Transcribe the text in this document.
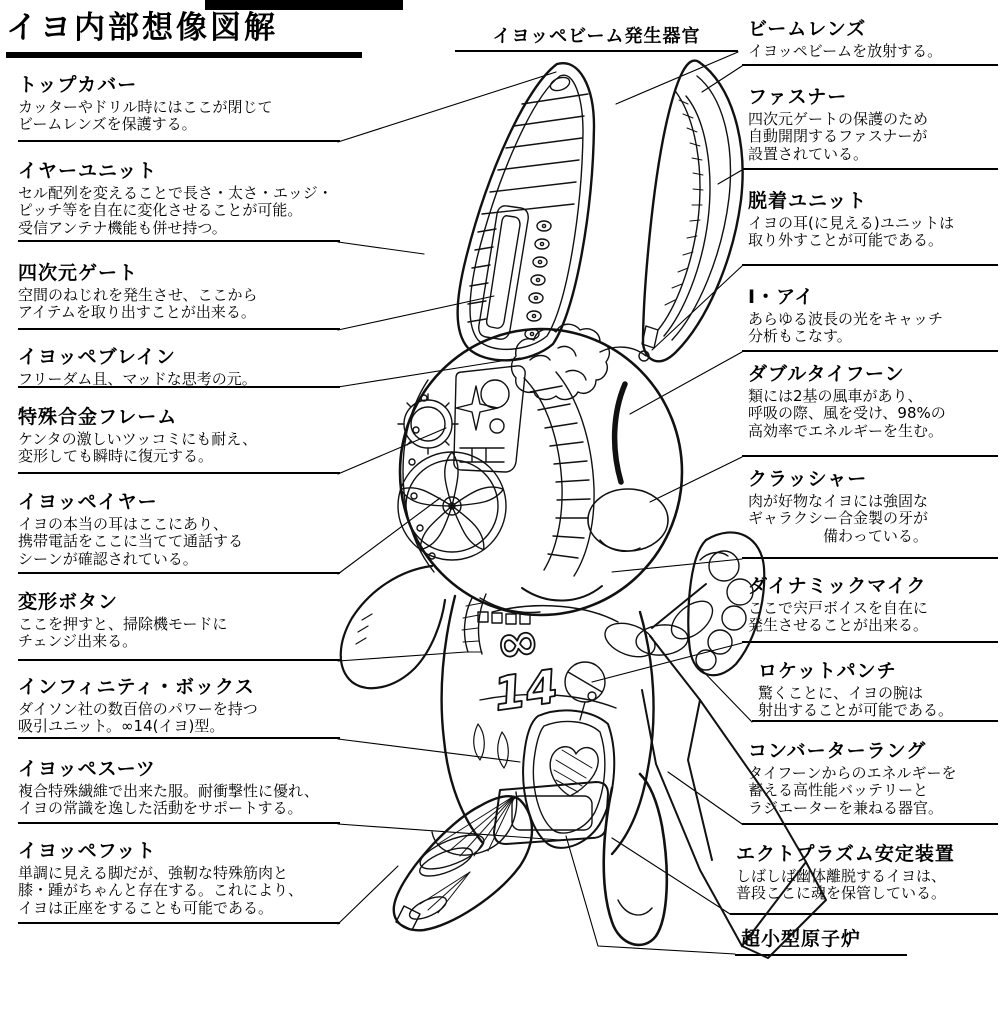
イヨ内部想像図解	イヨッペビーム発生器官
トップカバー

カッターやドリル時にはここが閉じて
ビームレンズを保護する。

イヤーユニット

セル配列を変えることで長さ・太さ・エッジ・
ピッチ等を自在に変化させることが可能。
受信アンテナ機能も併せ持つ。

四次元ゲート

空間のねじれを発生させ、ここから
アイテムを取り出すことが出来る。

イヨッペブレイン

フリーダム且、マッドな思考の元。

特殊合金フレーム

ケンタの激しいツッコミにも耐え、
変形しても瞬時に復元する。

イヨッペイヤー

イヨの本当の耳はここにあり、
携帯電話をここに当てて通話する
シーンが確認されている。

変形ボタン

ここを押すと、掃除機モードに
チェンジ出来る。

インフィニティ・ボックス

ダイソン社の数百倍のパワーを持つ
吸引ユニット。∞14(イヨ)型。

イヨッペスーツ

複合特殊繊維で出来た服。耐衝撃性に優れ、
イヨの常識を逸した活動をサポートする。

イヨッペフット

単調に見える脚だが、強靭な特殊筋肉と
膝・踵がちゃんと存在する。これにより、
イヨは正座をすることも可能である。

ビームレンズ

イヨッペビームを放射する。

ファスナー

四次元ゲートの保護のため
自動開閉するファスナーが
設置されている。

脱着ユニット

イヨの耳(に見える)ユニットは
取り外すことが可能である。

I・アイ

あらゆる波長の光をキャッチ
分析もこなす。

ダブルタイフーン

類には2基の風車があり、
呼吸の際、風を受け、98%の
高効率でエネルギーを生む。

クラッシャー

肉が好物なイヨには強固な
ギャラクシー合金製の牙が
　　　　　備わっている。

ダイナミックマイク

ここで宍戸ボイスを自在に
発生させることが出来る。

ロケットパンチ

驚くことに、イヨの腕は
射出することが可能である。

コンバーターラング

タイフーンからのエネルギーを
蓄える高性能バッテリーと
ラジエーターを兼ねる器官。

エクトプラズム安定装置

しばしば幽体離脱するイヨは、
普段ここに魂を保管している。

超小型原子炉
∞
14
